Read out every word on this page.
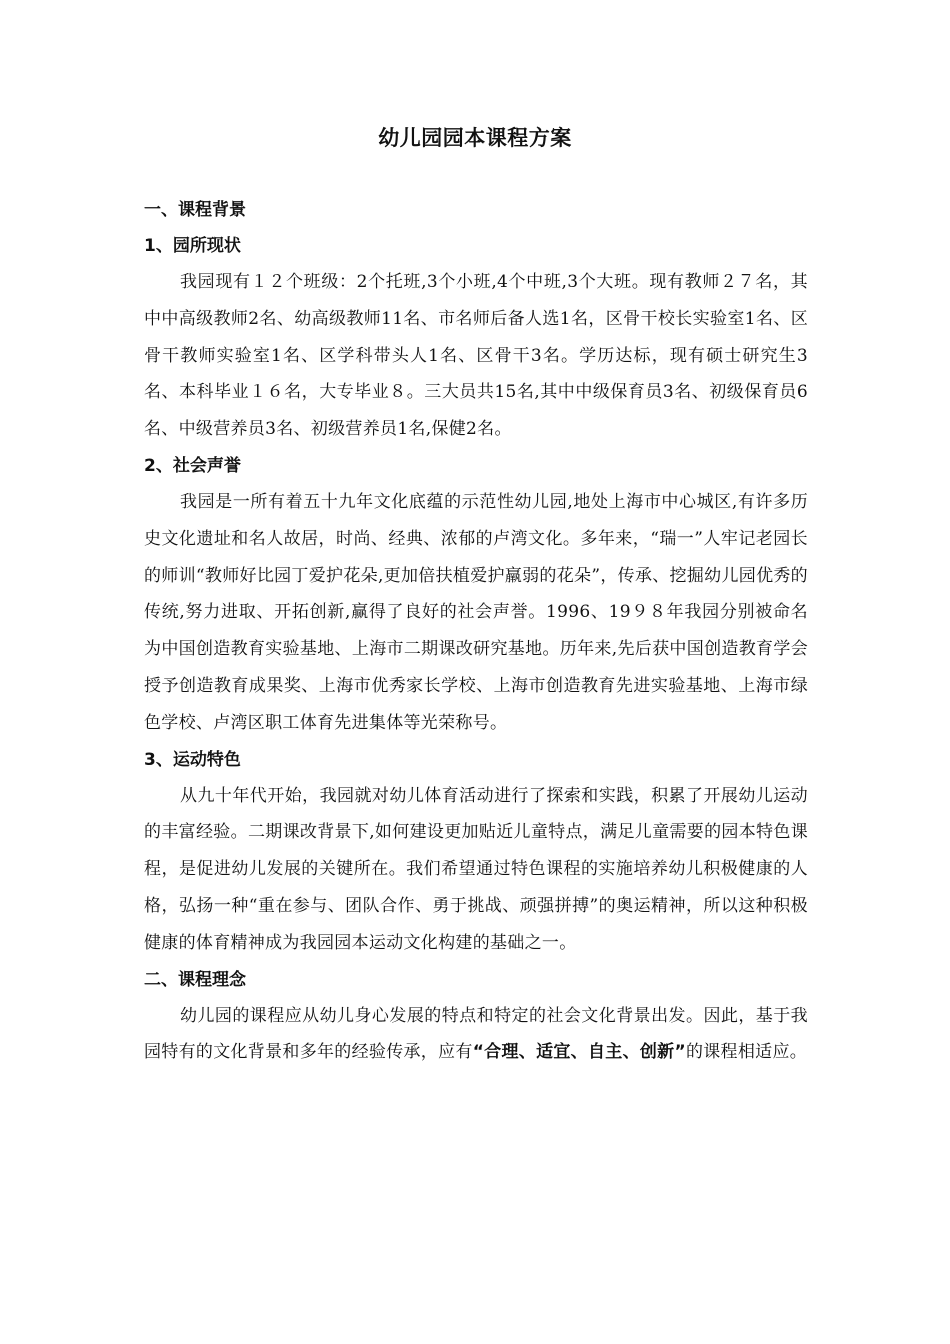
幼儿园园本课程方案
一、课程背景
1、园所现状

我园现有１２个班级：2个托班,3个小班,4个中班,3个大班。现有教师２７名，其中中高级教师2名、幼高级教师11名、市名师后备人选1名，区骨干校长实验室1名、区骨干教师实验室1名、区学科带头人1名、区骨干3名。学历达标，现有硕士研究生3名、本科毕业１６名，大专毕业８。三大员共15名,其中中级保育员3名、初级保育员6名、中级营养员3名、初级营养员1名,保健2名。

2、社会声誉

我园是一所有着五十九年文化底蕴的示范性幼儿园,地处上海市中心城区,有许多历史文化遗址和名人故居，时尚、经典、浓郁的卢湾文化。多年来，“瑞一”人牢记老园长的师训“教师好比园丁爱护花朵,更加倍扶植爱护羸弱的花朵”，传承、挖掘幼儿园优秀的传统,努力进取、开拓创新,赢得了良好的社会声誉。1996、19９８年我园分别被命名为中国创造教育实验基地、上海市二期课改研究基地。历年来,先后获中国创造教育学会授予创造教育成果奖、上海市优秀家长学校、上海市创造教育先进实验基地、上海市绿色学校、卢湾区职工体育先进集体等光荣称号。

3、运动特色

从九十年代开始，我园就对幼儿体育活动进行了探索和实践，积累了开展幼儿运动的丰富经验。二期课改背景下,如何建设更加贴近儿童特点，满足儿童需要的园本特色课程，是促进幼儿发展的关键所在。我们希望通过特色课程的实施培养幼儿积极健康的人格，弘扬一种“重在参与、团队合作、勇于挑战、顽强拼搏”的奥运精神，所以这种积极健康的体育精神成为我园园本运动文化构建的基础之一。

二、课程理念

幼儿园的课程应从幼儿身心发展的特点和特定的社会文化背景出发。因此，基于我园特有的文化背景和多年的经验传承，应有“合理、适宜、自主、创新”的课程相适应。
